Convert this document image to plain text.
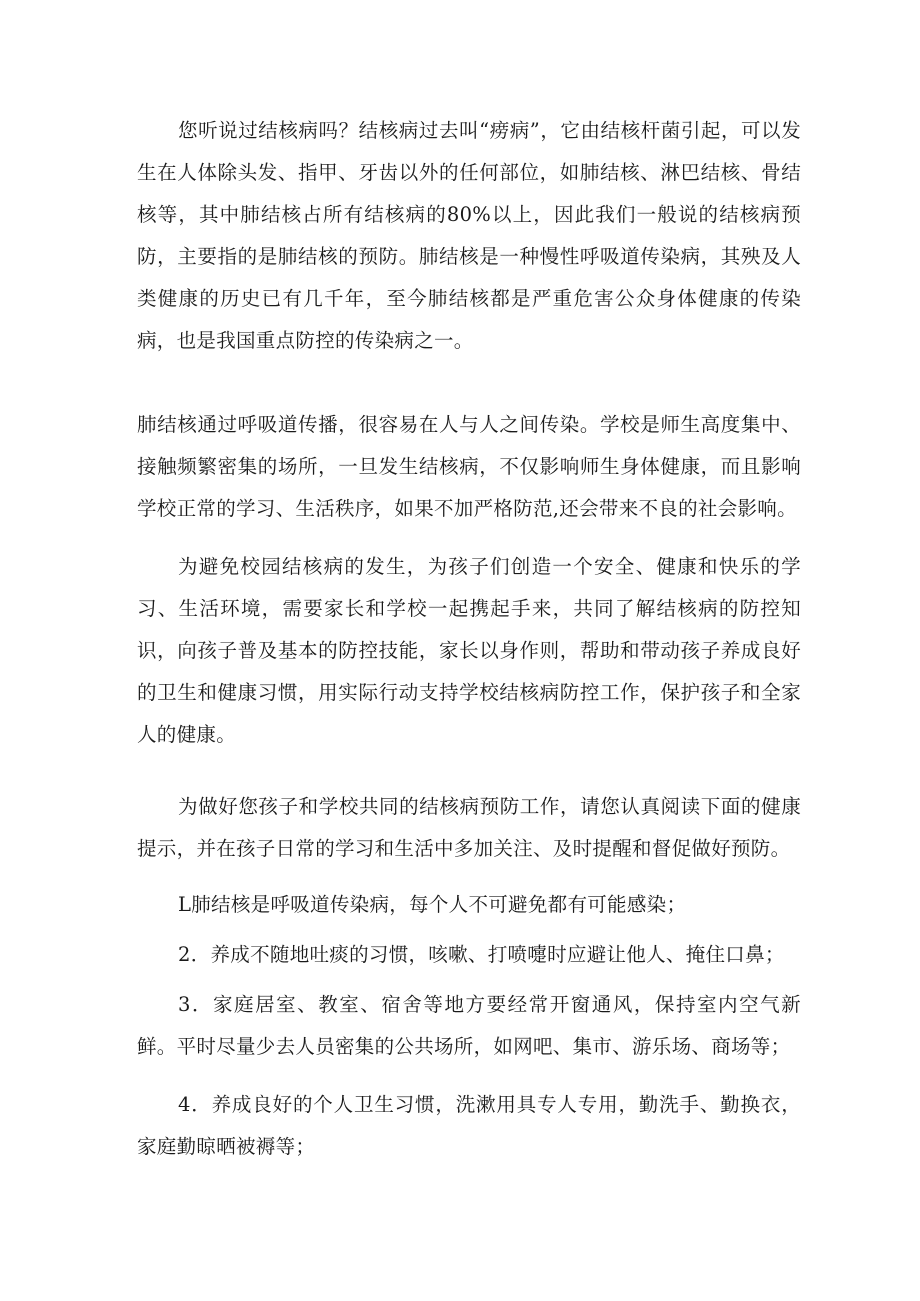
您听说过结核病吗？结核病过去叫“痨病”，它由结核杆菌引起，可以发生在人体除头发、指甲、牙齿以外的任何部位，如肺结核、淋巴结核、骨结核等，其中肺结核占所有结核病的80%以上，因此我们一般说的结核病预防，主要指的是肺结核的预防。肺结核是一种慢性呼吸道传染病，其殃及人类健康的历史已有几千年，至今肺结核都是严重危害公众身体健康的传染病，也是我国重点防控的传染病之一。

肺结核通过呼吸道传播，很容易在人与人之间传染。学校是师生高度集中、接触频繁密集的场所，一旦发生结核病，不仅影响师生身体健康，而且影响学校正常的学习、生活秩序，如果不加严格防范,还会带来不良的社会影响。

为避免校园结核病的发生，为孩子们创造一个安全、健康和快乐的学习、生活环境，需要家长和学校一起携起手来，共同了解结核病的防控知识，向孩子普及基本的防控技能，家长以身作则，帮助和带动孩子养成良好的卫生和健康习惯，用实际行动支持学校结核病防控工作，保护孩子和全家人的健康。

为做好您孩子和学校共同的结核病预防工作，请您认真阅读下面的健康提示，并在孩子日常的学习和生活中多加关注、及时提醒和督促做好预防。

L肺结核是呼吸道传染病，每个人不可避免都有可能感染；

2．养成不随地吐痰的习惯，咳嗽、打喷嚏时应避让他人、掩住口鼻；

3．家庭居室、教室、宿舍等地方要经常开窗通风，保持室内空气新鲜。平时尽量少去人员密集的公共场所，如网吧、集市、游乐场、商场等；

4．养成良好的个人卫生习惯，洗漱用具专人专用，勤洗手、勤换衣，家庭勤晾晒被褥等；
